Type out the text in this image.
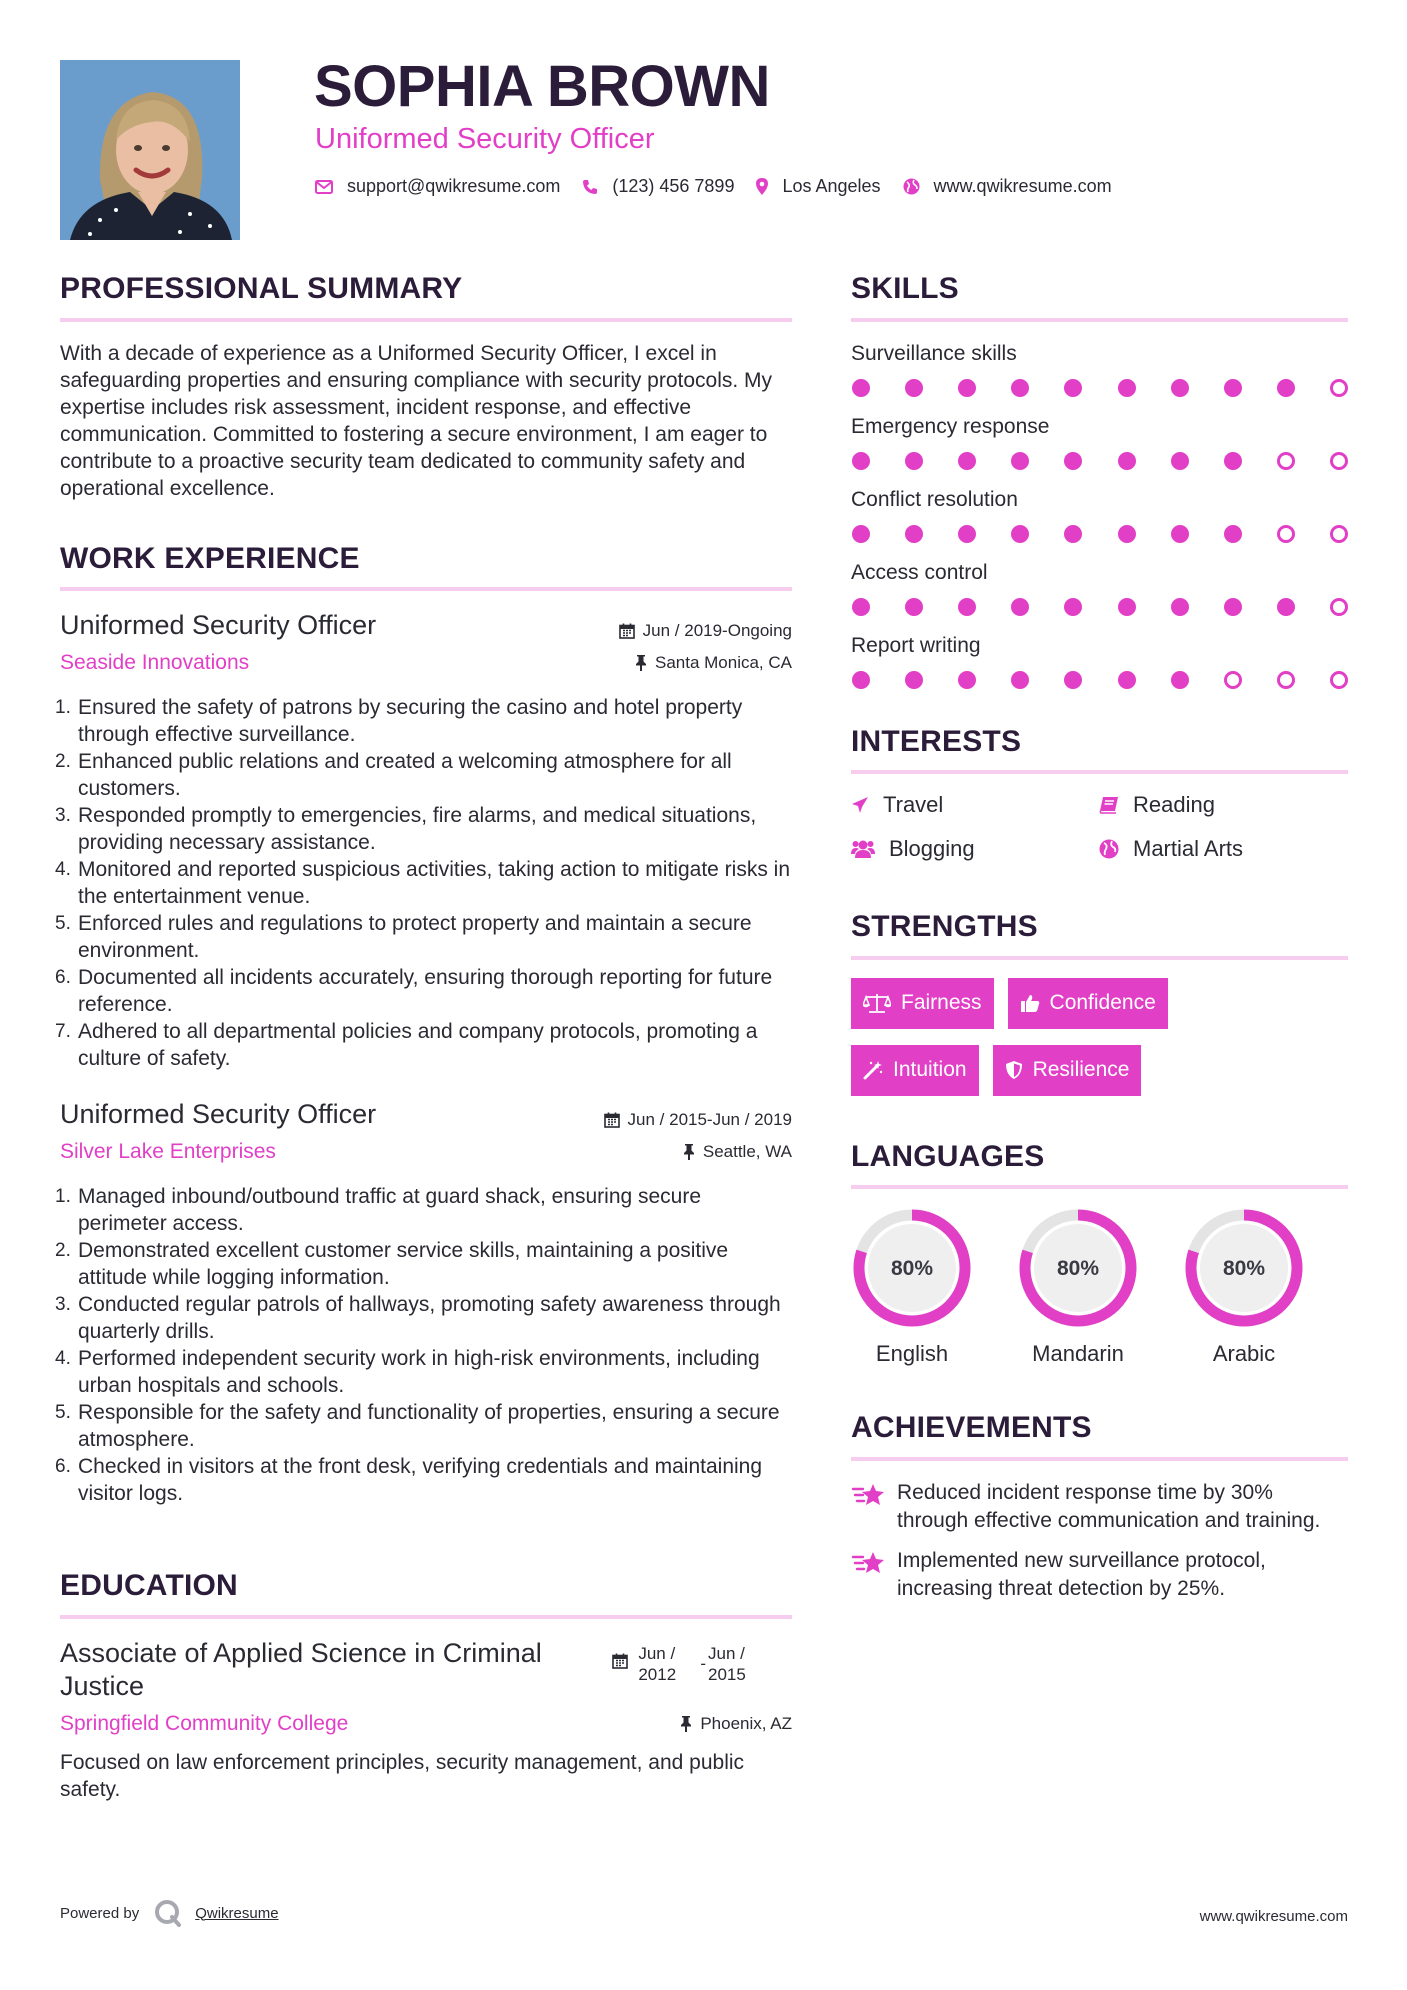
SOPHIA BROWN
Uniformed Security Officer
support@qwikresume.com	(123) 456 7899	Los Angeles	www.qwikresume.com
PROFESSIONAL SUMMARY
With a decade of experience as a Uniformed Security Officer, I excel in safeguarding properties and ensuring compliance with security protocols. My expertise includes risk assessment, incident response, and effective communication. Committed to fostering a secure environment, I am eager to contribute to a proactive security team dedicated to community safety and operational excellence.
WORK EXPERIENCE
Uniformed Security Officer	Jun / 2019-Ongoing
Seaside Innovations	Santa Monica, CA
1. Ensured the safety of patrons by securing the casino and hotel property through effective surveillance.
2. Enhanced public relations and created a welcoming atmosphere for all customers.
3. Responded promptly to emergencies, fire alarms, and medical situations, providing necessary assistance.
4. Monitored and reported suspicious activities, taking action to mitigate risks in the entertainment venue.
5. Enforced rules and regulations to protect property and maintain a secure environment.
6. Documented all incidents accurately, ensuring thorough reporting for future reference.
7. Adhered to all departmental policies and company protocols, promoting a culture of safety.
Uniformed Security Officer	Jun / 2015-Jun / 2019
Silver Lake Enterprises	Seattle, WA
1. Managed inbound/outbound traffic at guard shack, ensuring secure perimeter access.
2. Demonstrated excellent customer service skills, maintaining a positive attitude while logging information.
3. Conducted regular patrols of hallways, promoting safety awareness through quarterly drills.
4. Performed independent security work in high-risk environments, including urban hospitals and schools.
5. Responsible for the safety and functionality of properties, ensuring a secure atmosphere.
6. Checked in visitors at the front desk, verifying credentials and maintaining visitor logs.
EDUCATION
Associate of Applied Science in Criminal Justice
Jun / 2012
-
Jun / 2015
Springfield Community College	Phoenix, AZ
Focused on law enforcement principles, security management, and public safety.
SKILLS
Surveillance skills
Emergency response
Conflict resolution
Access control
Report writing
INTERESTS
Travel	Reading
Blogging	Martial Arts
STRENGTHS
Fairness	Confidence
Intuition	Resilience
LANGUAGES
80%
English
80%
Mandarin
80%
Arabic
ACHIEVEMENTS
Reduced incident response time by 30% through effective communication and training.
Implemented new surveillance protocol, increasing threat detection by 25%.
Powered by	Qwikresume	www.qwikresume.com
